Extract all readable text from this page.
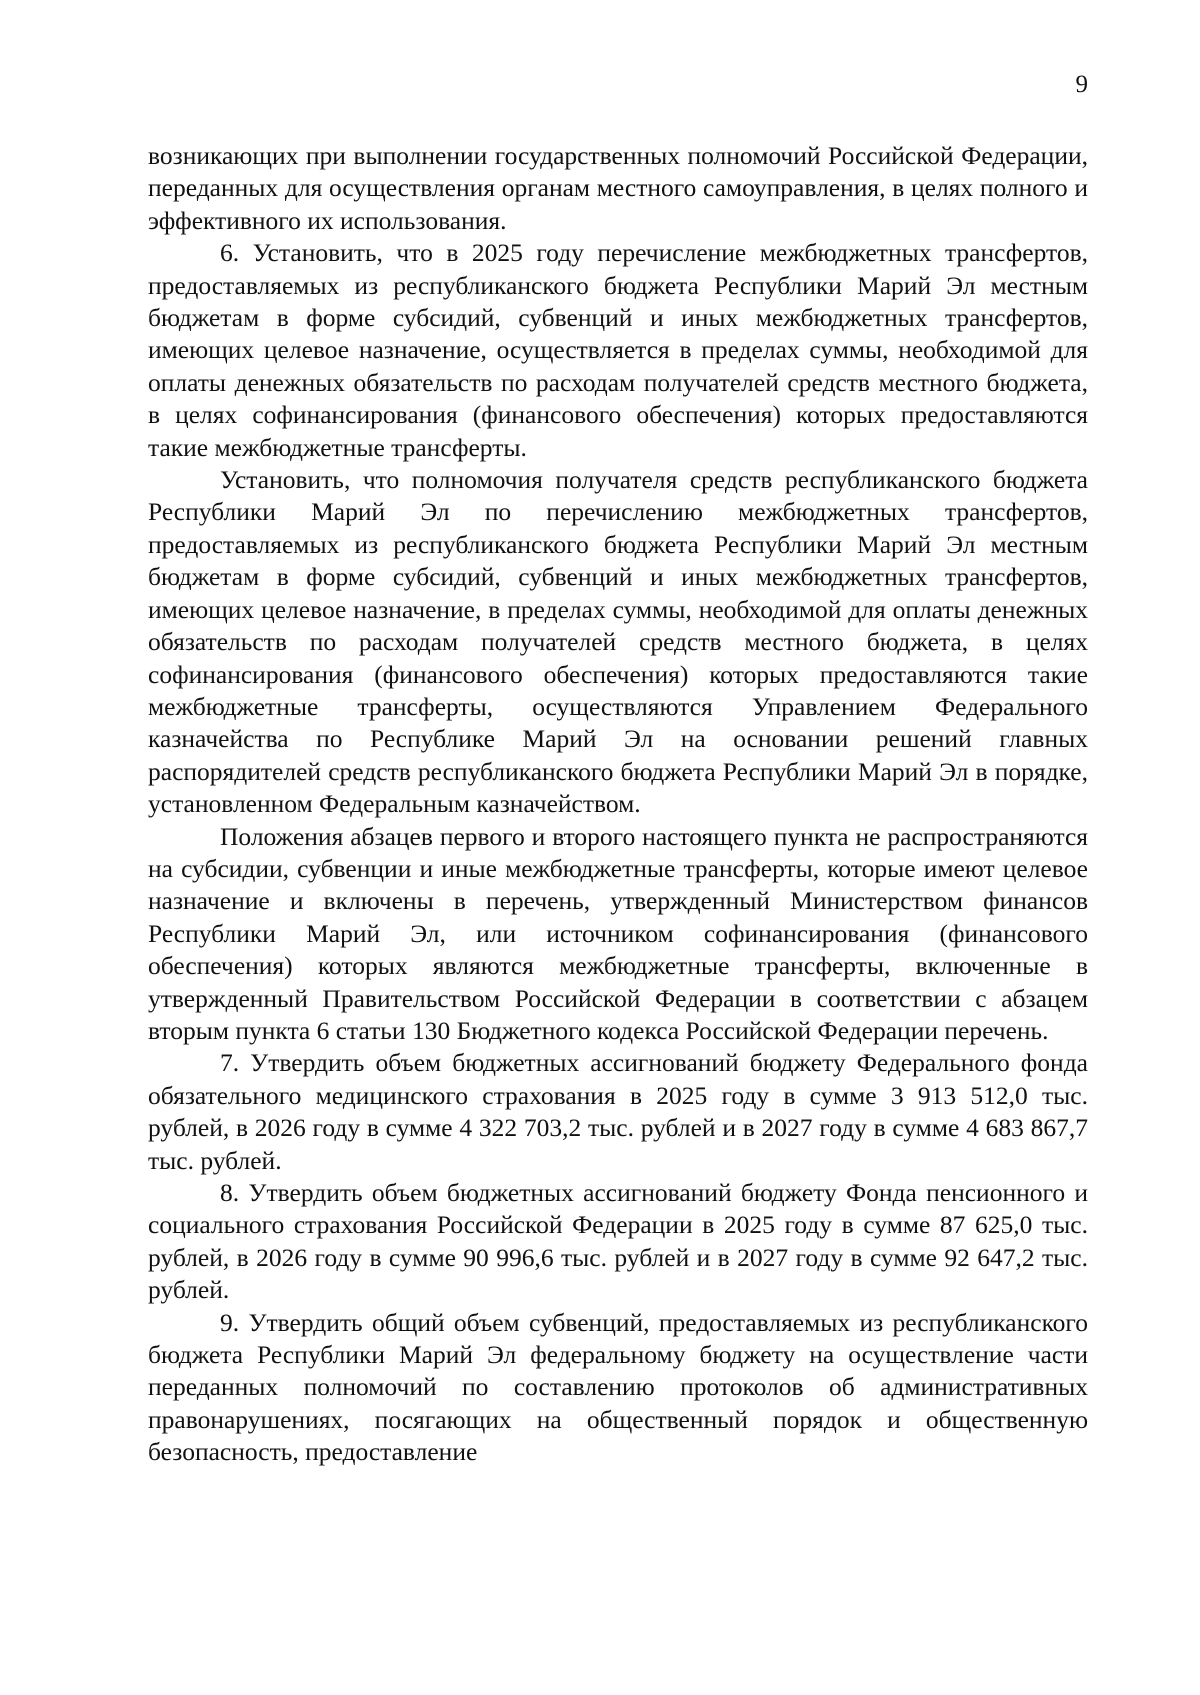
9

возникающих при выполнении государственных полномочий Российской Федерации, переданных для осуществления органам местного самоуправления, в целях полного и эффективного их использования.

6. Установить, что в 2025 году перечисление межбюджетных трансфертов, предоставляемых из республиканского бюджета Республики Марий Эл местным бюджетам в форме субсидий, субвенций и иных межбюджетных трансфертов, имеющих целевое назначение, осуществляется в пределах суммы, необходимой для оплаты денежных обязательств по расходам получателей средств местного бюджета, в целях софинансирования (финансового обеспечения) которых предоставляются такие межбюджетные трансферты.

Установить, что полномочия получателя средств республиканского бюджета Республики Марий Эл по перечислению межбюджетных трансфертов, предоставляемых из республиканского бюджета Республики Марий Эл местным бюджетам в форме субсидий, субвенций и иных межбюджетных трансфертов, имеющих целевое назначение, в пределах суммы, необходимой для оплаты денежных обязательств по расходам получателей средств местного бюджета, в целях софинансирования (финансового обеспечения) которых предоставляются такие межбюджетные трансферты, осуществляются Управлением Федерального казначейства по Республике Марий Эл на основании решений главных распорядителей средств республиканского бюджета Республики Марий Эл в порядке, установленном Федеральным казначейством.

Положения абзацев первого и второго настоящего пункта не распространяются на субсидии, субвенции и иные межбюджетные трансферты, которые имеют целевое назначение и включены в перечень, утвержденный Министерством финансов Республики Марий Эл, или источником софинансирования (финансового обеспечения) которых являются межбюджетные трансферты, включенные в утвержденный Правительством Российской Федерации в соответствии с абзацем вторым пункта 6 статьи 130 Бюджетного кодекса Российской Федерации перечень.

7. Утвердить объем бюджетных ассигнований бюджету Федерального фонда обязательного медицинского страхования в 2025 году в сумме 3 913 512,0 тыс. рублей, в 2026 году в сумме 4 322 703,2 тыс. рублей и в 2027 году в сумме 4 683 867,7 тыс. рублей.

8. Утвердить объем бюджетных ассигнований бюджету Фонда пенсионного и социального страхования Российской Федерации в 2025 году в сумме 87 625,0 тыс. рублей, в 2026 году в сумме 90 996,6 тыс. рублей и в 2027 году в сумме 92 647,2 тыс. рублей.

9. Утвердить общий объем субвенций, предоставляемых из республиканского бюджета Республики Марий Эл федеральному бюджету на осуществление части переданных полномочий по составлению протоколов об административных правонарушениях, посягающих на общественный порядок и общественную безопасность, предоставление
